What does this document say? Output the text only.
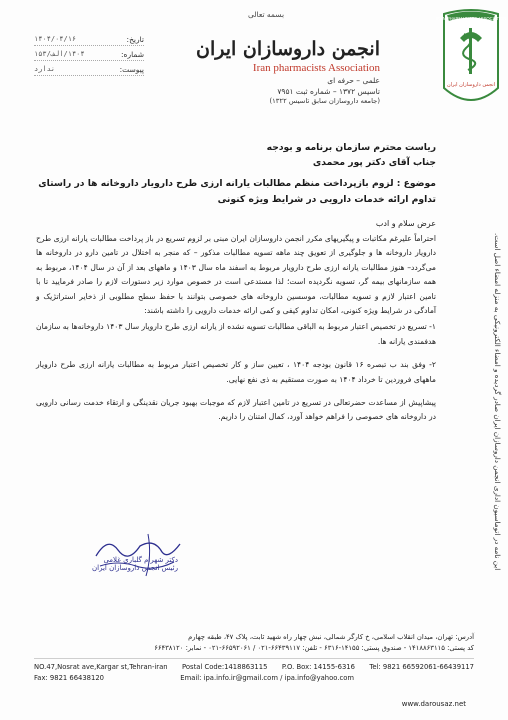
IRAN PHARMACISTS ASSOCIATION
انجمن داروسازان ایران
این نامه در اتوماسیون اداری انجمن داروسازان ایران صادر گردیده و امضاء الکترونیکی به منزله امضاء اصل است.
بسمه تعالی
تاریخ:
۱۴۰۴/۰۴/۱۶
شماره:
۱۴۰۴/الف/۱۵۳
پیوست:
ندارد
انجمن داروسازان ایران
Iran pharmacists Association
علمی – حرفه ای
تاسیس ۱۳۷۲ – شماره ثبت ۷۹۵۱
(جامعه داروسازان سابق تاسیس ۱۳۲۲)
ریاست محترم سازمان برنامه و بودجه
جناب آقای دکتر پور محمدی
موضوع : لزوم بازپرداخت منظم مطالبات یارانه ارزی طرح دارویار داروخانه ها در راستای تداوم ارائه خدمات دارویی در شرایط ویژه کنونی
عرض سلام و ادب
احتراماً علیرغم مکاتبات و پیگیریهای مکرر انجمن داروسازان ایران مبنی بر لزوم تسریع در باز پرداخت مطالبات یارانه ارزی طرح دارویار داروخانه ها و جلوگیری از تعویق چند ماهه تسویه مطالبات مذکور – که منجر به اختلال در تامین دارو در داروخانه ها می‌گردد– هنوز مطالبات یارانه ارزی طرح دارویار مربوط به اسفند ماه سال ۱۴۰۳ و ماههای بعد از آن در سال ۱۴۰۴، مربوط به همه سازمانهای بیمه گر، تسویه نگردیده است؛ لذا مستدعی است در خصوص موارد زیر دستورات لازم را صادر فرمایید تا با تامین اعتبار لازم و تسویه مطالبات، موسسین داروخانه های خصوصی بتوانند با حفظ سطح مطلوبی از ذخایر استراتژیک و آمادگی در شرایط ویژه کنونی، امکان تداوم کیفی و کمی ارائه خدمات دارویی را داشته باشند:
۱- تسریع در تخصیص اعتبار مربوط به الباقی مطالبات تسویه نشده از یارانه ارزی طرح دارویار سال ۱۴۰۳ داروخانه‌ها به سازمان هدفمندی یارانه ها.
۲- وفق بند ب تبصره ۱۶ قانون بودجه ۱۴۰۴ ، تعیین ساز و کار تخصیص اعتبار مربوط به مطالبات یارانه ارزی طرح دارویار ماههای فروردین تا خرداد ۱۴۰۴ به صورت مستقیم به ذی نفع نهایی.
پیشاپیش از مساعدت حضرتعالی در تسریع در تامین اعتبار لازم که موجبات بهبود جریان نقدینگی و ارتقاء خدمت رسانی دارویی در داروخانه های خصوصی را فراهم خواهد آورد، کمال امتنان را داریم.
دکتر شهرام گلباری غلامی
رئیس انجمن داروسازان ایران
آدرس: تهران، میدان انقلاب اسلامی، خ کارگر شمالی، نبش چهار راه شهید ثابت، پلاک ۴۷، طبقه چهارم
کد پستی: ۱۴۱۸۸۶۳۱۱۵ - صندوق پستی: ۱۴۱۵۵-۶۳۱۶ - تلفن: ۶۶۴۳۹۱۱۷-۰۲۱ / ۶۶۵۹۲۰۶۱-۰۲۱ - نمابر: ۶۶۴۳۸۱۲۰
NO.47,Nosrat ave,Kargar st,Tehran-iran Postal Code:1418863115 P.O. Box: 14155-6316 Tel: 9821 66592061-66439117
Fax: 9821 66438120	Email: ipa.info.ir@gmail.com / ipa.info@yahoo.com
www.darousaz.net
